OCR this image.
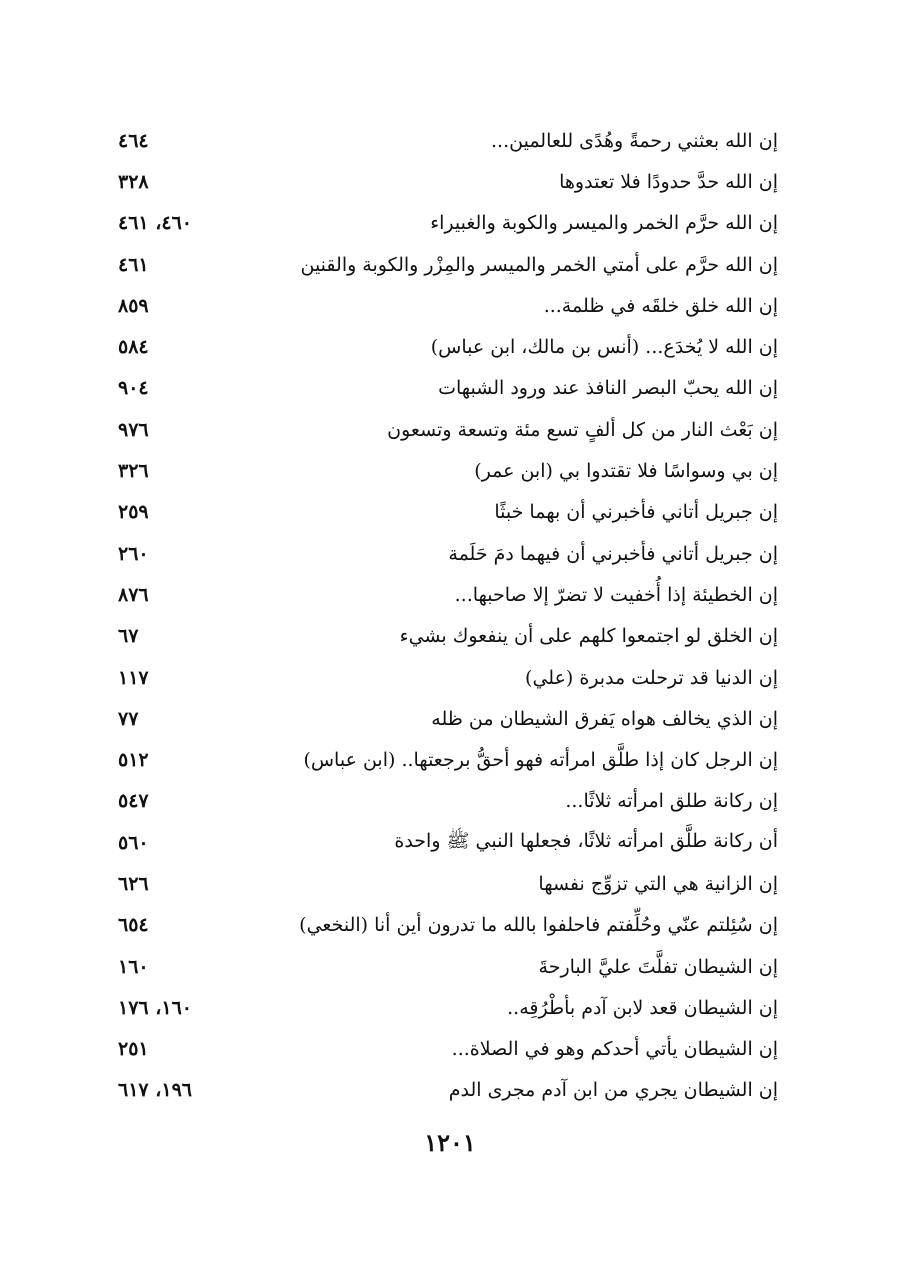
إن الله بعثني رحمةً وهُدًى للعالمين...
٤٦٤
إن الله حدَّ حدودًا فلا تعتدوها
٣٢٨
إن الله حرَّم الخمر والميسر والكوبة والغبيراء
٤٦٠، ٤٦١
إن الله حرَّم على أمتي الخمر والميسر والمِزْر والكوبة والقنين
٤٦١
إن الله خلق خلقَه في ظلمة...
٨٥٩
إن الله لا يُخدَع... (أنس بن مالك، ابن عباس)
٥٨٤
إن الله يحبّ البصر النافذ عند ورود الشبهات
٩٠٤
إن بَعْث النار من كل ألفٍ تسع مئة وتسعة وتسعون
٩٧٦
إن بي وسواسًا فلا تقتدوا بي (ابن عمر)
٣٢٦
إن جبريل أتاني فأخبرني أن بهما خبثًا
٢٥٩
إن جبريل أتاني فأخبرني أن فيهما دمَ حَلَمة
٢٦٠
إن الخطيئة إذا أُخفيت لا تضرّ إلا صاحبها...
٨٧٦
إن الخلق لو اجتمعوا كلهم على أن ينفعوك بشيء
٦٧
إن الدنيا قد ترحلت مدبرة (علي)
١١٧
إن الذي يخالف هواه يَفرق الشيطان من ظله
٧٧
إن الرجل كان إذا طلَّق امرأته فهو أحقُّ برجعتها.. (ابن عباس)
٥١٢
إن ركانة طلق امرأته ثلاثًا...
٥٤٧
أن ركانة طلَّق امرأته ثلاثًا، فجعلها النبي ﷺ واحدة
٥٦٠
إن الزانية هي التي تزوِّج نفسها
٦٢٦
إن سُئِلتم عنّي وحُلِّفتم فاحلفوا بالله ما تدرون أين أنا (النخعي)
٦٥٤
إن الشيطان تفلَّتَ عليَّ البارحةَ
١٦٠
إن الشيطان قعد لابن آدم بأطْرُقِه..
١٦٠، ١٧٦
إن الشيطان يأتي أحدكم وهو في الصلاة...
٢٥١
إن الشيطان يجري من ابن آدم مجرى الدم
١٩٦، ٦١٧
١٢٠١
